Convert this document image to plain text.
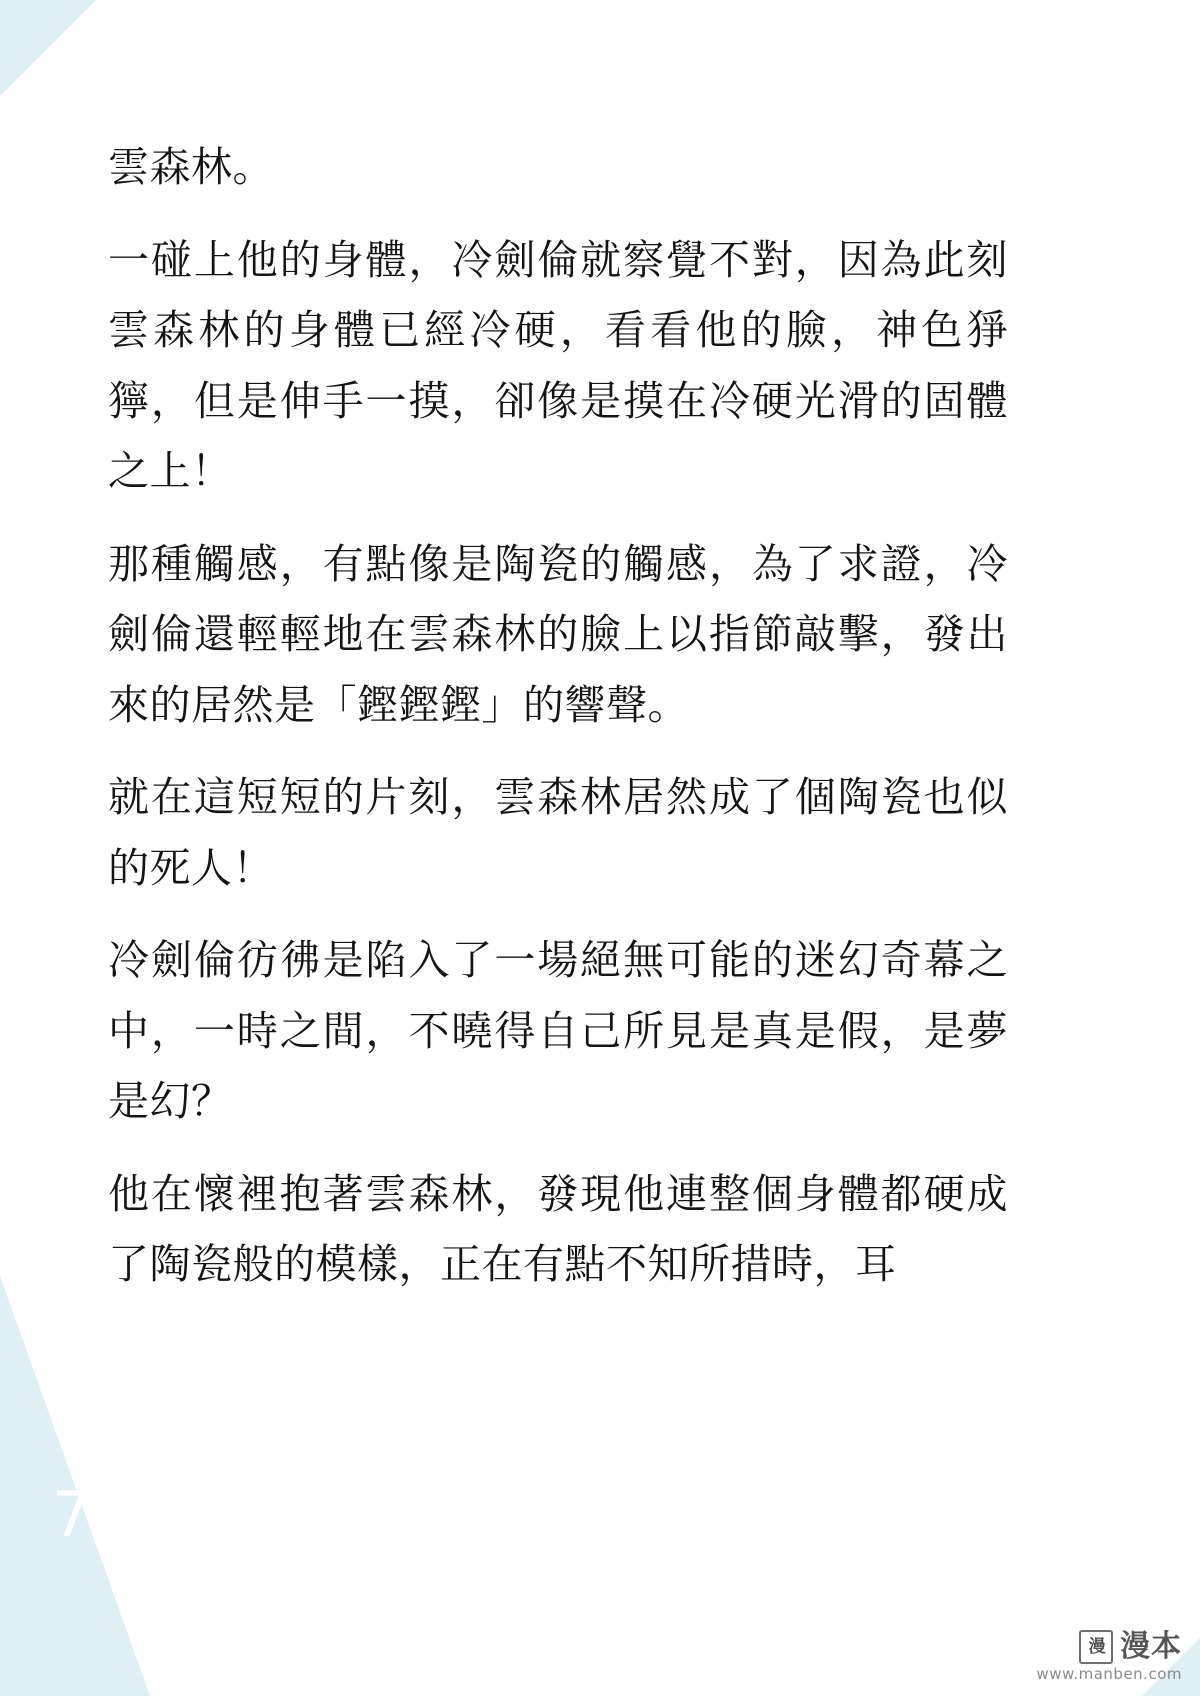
雲森林。

一碰上他的身體，冷劍倫就察覺不對，因為此刻雲森林的身體已經冷硬，看看他的臉，神色猙獰，但是伸手一摸，卻像是摸在冷硬光滑的固體之上！

那種觸感，有點像是陶瓷的觸感，為了求證，冷劍倫還輕輕地在雲森林的臉上以指節敲擊，發出來的居然是「鏗鏗鏗」的響聲。

就在這短短的片刻，雲森林居然成了個陶瓷也似的死人！

冷劍倫彷彿是陷入了一場絕無可能的迷幻奇幕之中，一時之間，不曉得自己所見是真是假，是夢是幻？

他在懷裡抱著雲森林，發現他連整個身體都硬成了陶瓷般的模樣，正在有點不知所措時，耳

71
漫 漫本
www.manben.com
